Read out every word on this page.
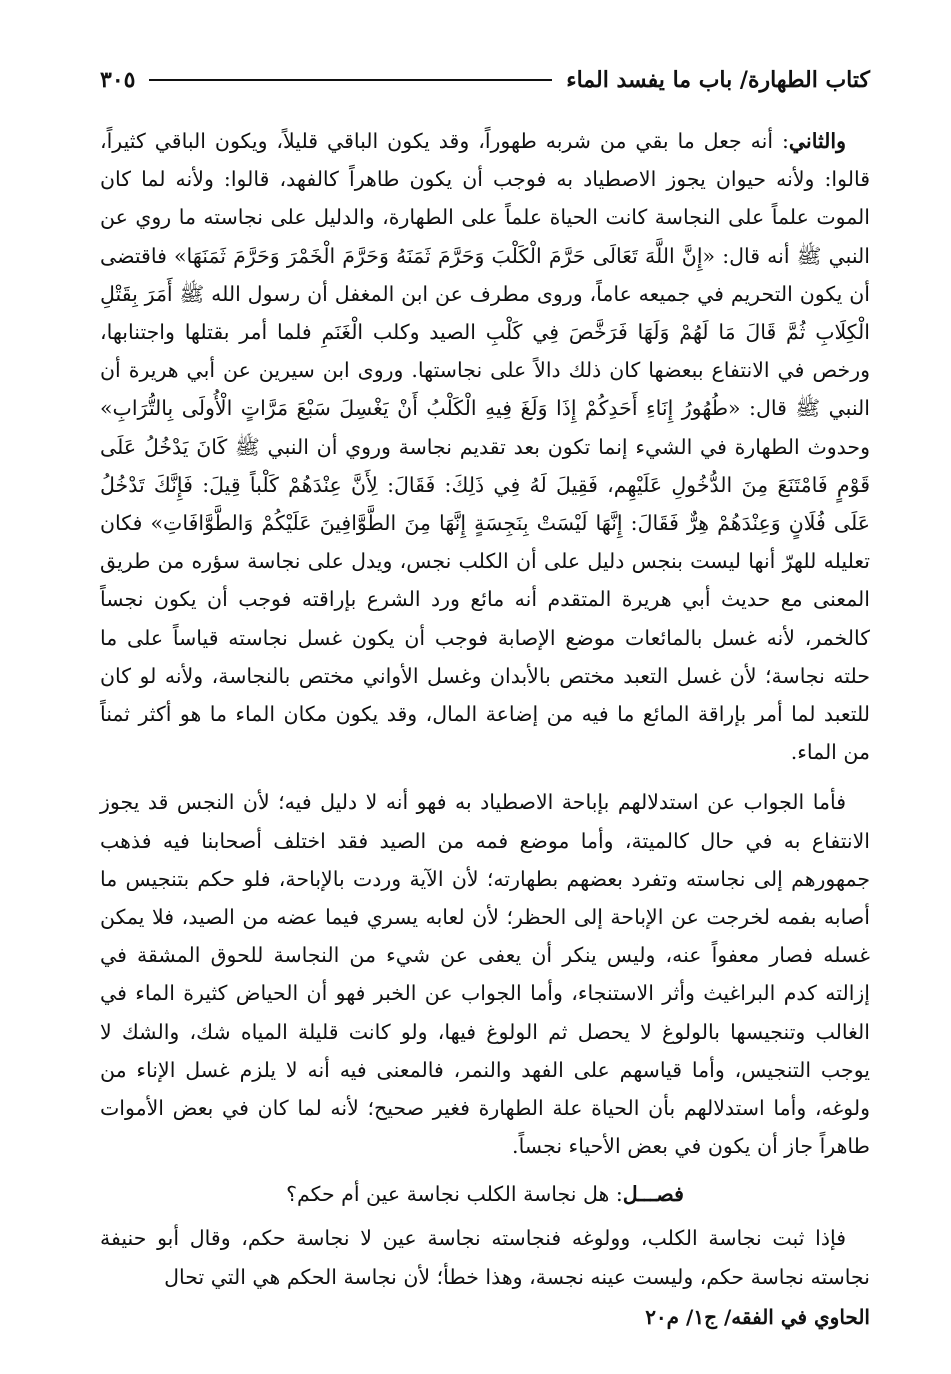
كتاب الطهارة/ باب ما يفسد الماء
٣٠٥

والثاني: أنه جعل ما بقي من شربه طهوراً، وقد يكون الباقي قليلاً، ويكون الباقي كثيراً، قالوا: ولأنه حيوان يجوز الاصطياد به فوجب أن يكون طاهراً كالفهد، قالوا: ولأنه لما كان الموت علماً على النجاسة كانت الحياة علماً على الطهارة، والدليل على نجاسته ما روي عن النبي ﷺ أنه قال: «إِنَّ اللَّهَ تَعَالَى حَرَّمَ الْكَلْبَ وَحَرَّمَ ثَمَنَهُ وَحَرَّمَ الْخَمْرَ وَحَرَّمَ ثَمَنَهَا» فاقتضى أن يكون التحريم في جميعه عاماً، وروى مطرف عن ابن المغفل أن رسول الله ﷺ أَمَرَ بِقَتْلِ الْكِلَابِ ثُمَّ قَالَ مَا لَهُمْ وَلَهَا فَرَخَّصَ فِي كَلْبِ الصيد وكلب الْغَنَمِ فلما أمر بقتلها واجتنابها، ورخص في الانتفاع ببعضها كان ذلك دالاً على نجاستها. وروى ابن سيرين عن أبي هريرة أن النبي ﷺ قال: «طُهُورُ إِنَاءِ أَحَدِكُمْ إِذَا وَلَغَ فِيهِ الْكَلْبُ أَنْ يَغْسِلَ سَبْعَ مَرَّاتٍ الْأُولَى بِالتُّرَابِ» وحدوث الطهارة في الشيء إنما تكون بعد تقديم نجاسة وروي أن النبي ﷺ كَانَ يَدْخُلُ عَلَى قَوْمٍ فَامْتَنَعَ مِنَ الدُّخُولِ عَلَيْهِم، فَقِيلَ لَهُ فِي ذَلِكَ: فَقَالَ: لِأَنَّ عِنْدَهُمْ كَلْباً قِيلَ: فَإِنَّكَ تَدْخُلُ عَلَى فُلَانٍ وَعِنْدَهُمْ هِرٌّ فَقَالَ: إِنَّهَا لَيْسَتْ بِنَجِسَةٍ إِنَّهَا مِنَ الطَّوَّافِينَ عَلَيْكُمْ وَالطَّوَّافَاتِ» فكان تعليله للهرّ أنها ليست بنجس دليل على أن الكلب نجس، ويدل على نجاسة سؤره من طريق المعنى مع حديث أبي هريرة المتقدم أنه مائع ورد الشرع بإراقته فوجب أن يكون نجساً كالخمر، لأنه غسل بالمائعات موضع الإصابة فوجب أن يكون غسل نجاسته قياساً على ما حلته نجاسة؛ لأن غسل التعبد مختص بالأبدان وغسل الأواني مختص بالنجاسة، ولأنه لو كان للتعبد لما أمر بإراقة المائع ما فيه من إضاعة المال، وقد يكون مكان الماء ما هو أكثر ثمناً من الماء.

فأما الجواب عن استدلالهم بإباحة الاصطياد به فهو أنه لا دليل فيه؛ لأن النجس قد يجوز الانتفاع به في حال كالميتة، وأما موضع فمه من الصيد فقد اختلف أصحابنا فيه فذهب جمهورهم إلى نجاسته وتفرد بعضهم بطهارته؛ لأن الآية وردت بالإباحة، فلو حكم بتنجيس ما أصابه بفمه لخرجت عن الإباحة إلى الحظر؛ لأن لعابه يسري فيما عضه من الصيد، فلا يمكن غسله فصار معفواً عنه، وليس ينكر أن يعفى عن شيء من النجاسة للحوق المشقة في إزالته كدم البراغيث وأثر الاستنجاء، وأما الجواب عن الخبر فهو أن الحياض كثيرة الماء في الغالب وتنجيسها بالولوغ لا يحصل ثم الولوغ فيها، ولو كانت قليلة المياه شك، والشك لا يوجب التنجيس، وأما قياسهم على الفهد والنمر، فالمعنى فيه أنه لا يلزم غسل الإناء من ولوغه، وأما استدلالهم بأن الحياة علة الطهارة فغير صحيح؛ لأنه لما كان في بعض الأموات طاهراً جاز أن يكون في بعض الأحياء نجساً.

فصـــل: هل نجاسة الكلب نجاسة عين أم حكم؟

فإذا ثبت نجاسة الكلب، وولوغه فنجاسته نجاسة عين لا نجاسة حكم، وقال أبو حنيفة نجاسته نجاسة حكم، وليست عينه نجسة، وهذا خطأ؛ لأن نجاسة الحكم هي التي تحال

الحاوي في الفقه/ ج١/ م٢٠
